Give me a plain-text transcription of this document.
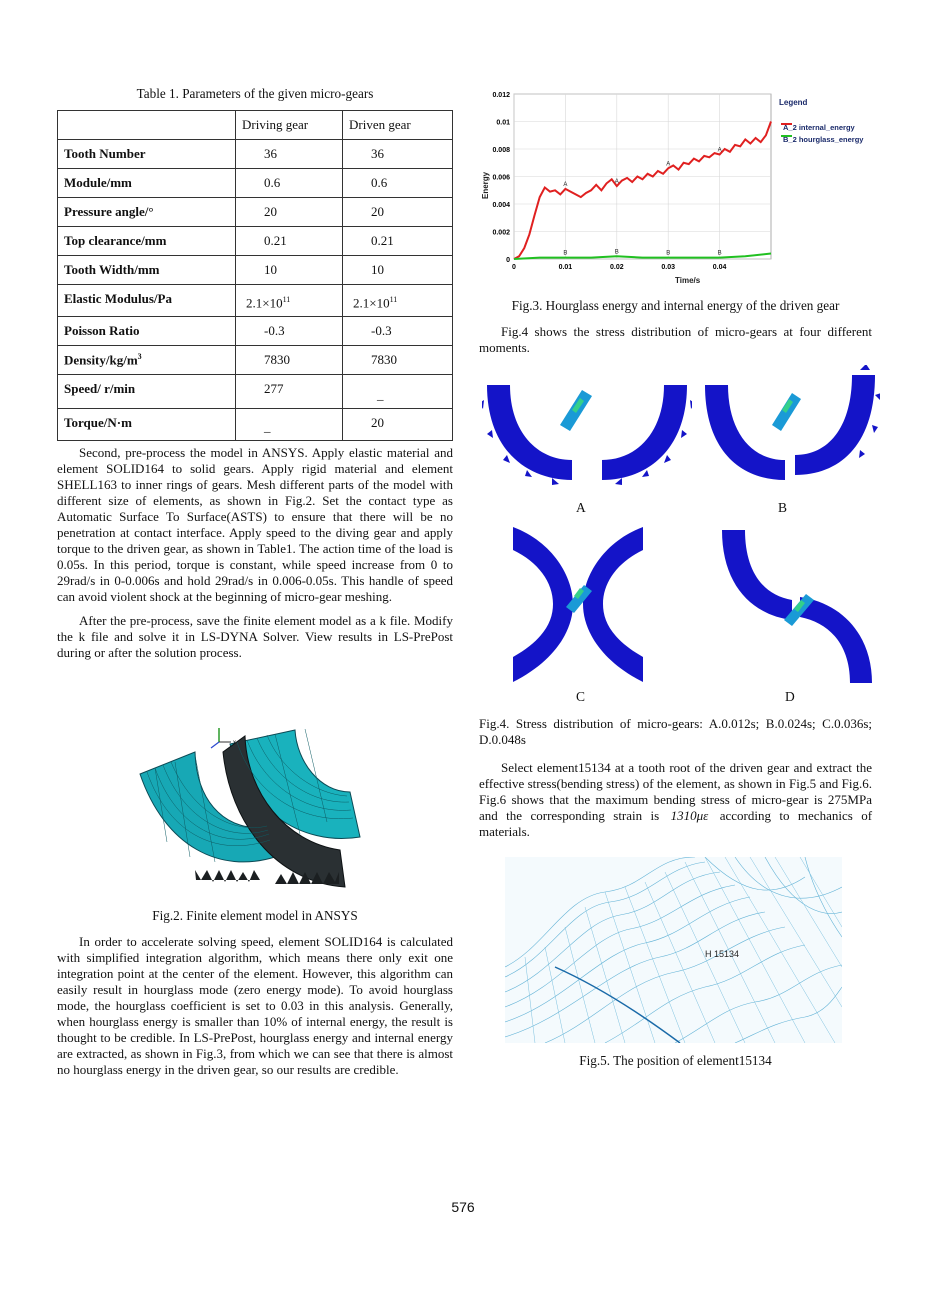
Table 1. Parameters of the given micro-gears
	Driving gear	Driven gear
Tooth Number	36	36
Module/mm	0.6	0.6
Pressure angle/°	20	20
Top clearance/mm	0.21	0.21
Tooth Width/mm	10	10
Elastic Modulus/Pa	$2.1\times 10^{11}$	$2.1\times 10^{11}$
Poisson Ratio	-0.3	-0.3
Density/$kg/m^3$	7830	7830
Speed/ r/min	277	_
Torque/N·m	_	20

Second, pre-process the model in ANSYS. Apply elastic material and element SOLID164 to solid gears. Apply rigid material and element SHELL163 to inner rings of gears. Mesh different parts of the model with different size of elements, as shown in Fig.2. Set the contact type as Automatic Surface To Surface(ASTS) to ensure that there will be no penetration at contact interface. Apply speed to the diving gear and apply torque to the driven gear, as shown in Table1. The action time of the load is 0.05s. In this period, torque is constant, while speed increase from 0 to 29rad/s in 0-0.006s and hold 29rad/s in 0.006-0.05s. This handle of speed can avoid violent shock at the beginning of micro-gear meshing.

After the pre-process, save the finite element model as a k file. Modify the k file and solve it in LS-DYNA Solver. View results in LS-PrePost during or after the solution process.

Fig.2. Finite element model in ANSYS

In order to accelerate solving speed, element SOLID164 is calculated with simplified integration algorithm, which means there only exit one integration point at the center of the element. However, this algorithm can easily result in hourglass mode (zero energy mode). To avoid hourglass mode, the hourglass coefficient is set to 0.03 in this analysis. Generally, when hourglass energy is smaller than 10% of internal energy, the result is thought to be credible. In LS-PrePost, hourglass energy and internal energy are extracted, as shown in Fig.3, from which we can see that there is almost no hourglass energy in the driven gear, so our results are credible.

0
0.002
0.004
0.006
0.008
0.01
0.012
0	0.01	0.02	0.03	0.04
Energy
Time/s
A	A
A
A
B	B	B	B
Legend
A_2 internal_energy
B_2 hourglass_energy
Fig.3. Hourglass energy and internal energy of the driven gear

Fig.4 shows the stress distribution of micro-gears at four different moments.

A	B
C	D

Fig.4. Stress distribution of micro-gears: A.0.012s; B.0.024s; C.0.036s; D.0.048s

Select element15134 at a tooth root of the driven gear and extract the effective stress(bending stress) of the element, as shown in Fig.5 and Fig.6. Fig.6 shows that the maximum bending stress of micro-gear is 275MPa and the corresponding strain is 1310με according to mechanics of materials.

H 15134
Fig.5. The position of element15134
576
